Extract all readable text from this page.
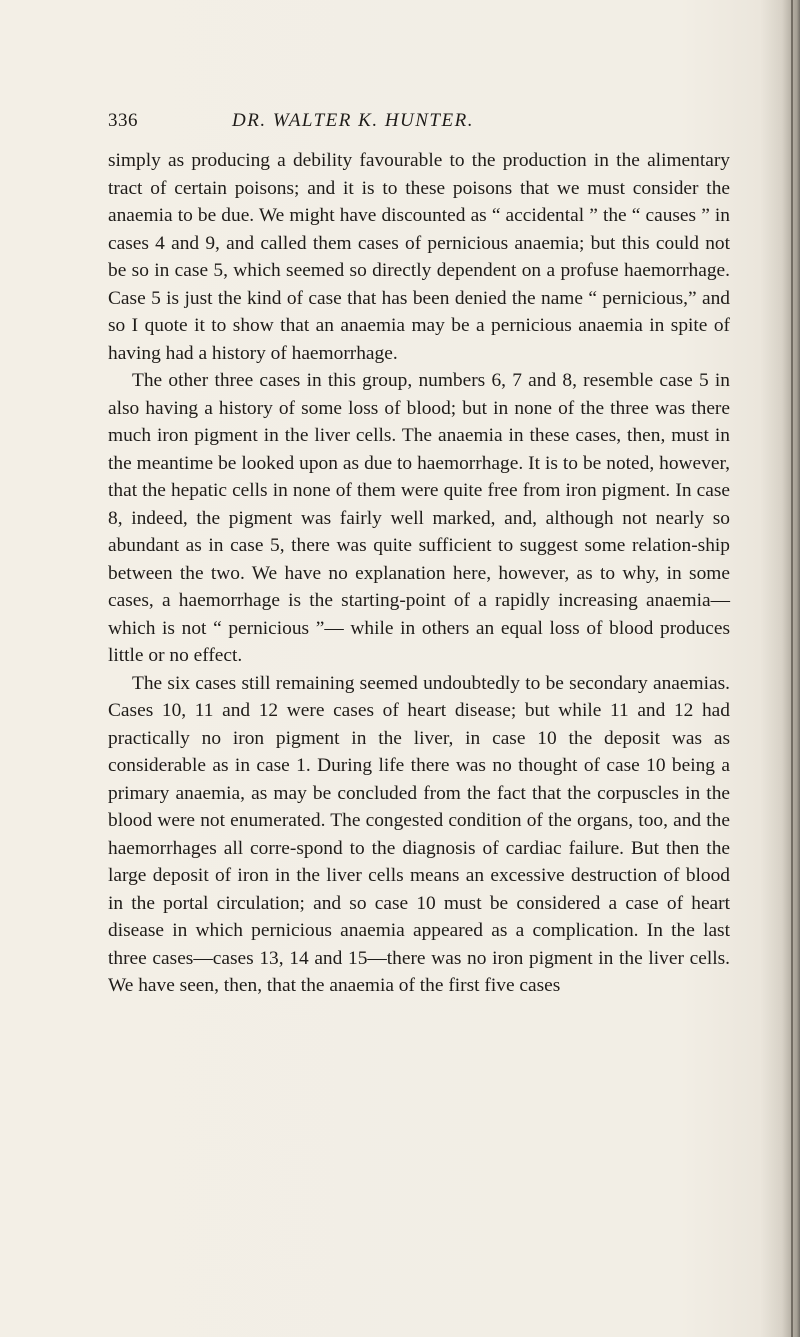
336	DR. WALTER K. HUNTER.

simply as producing a debility favourable to the production in the alimentary tract of certain poisons; and it is to these poisons that we must consider the anaemia to be due. We might have discounted as “ accidental ” the “ causes ” in cases 4 and 9, and called them cases of pernicious anaemia; but this could not be so in case 5, which seemed so directly dependent on a profuse haemorrhage. Case 5 is just the kind of case that has been denied the name “ pernicious,” and so I quote it to show that an anaemia may be a pernicious anaemia in spite of having had a history of haemorrhage.

The other three cases in this group, numbers 6, 7 and 8, resemble case 5 in also having a history of some loss of blood; but in none of the three was there much iron pigment in the liver cells. The anaemia in these cases, then, must in the meantime be looked upon as due to haemorrhage. It is to be noted, however, that the hepatic cells in none of them were quite free from iron pigment. In case 8, indeed, the pigment was fairly well marked, and, although not nearly so abundant as in case 5, there was quite sufficient to suggest some relation-ship between the two. We have no explanation here, however, as to why, in some cases, a haemorrhage is the starting-point of a rapidly increasing anaemia—which is not “ pernicious ”— while in others an equal loss of blood produces little or no effect.

The six cases still remaining seemed undoubtedly to be secondary anaemias. Cases 10, 11 and 12 were cases of heart disease; but while 11 and 12 had practically no iron pigment in the liver, in case 10 the deposit was as considerable as in case 1. During life there was no thought of case 10 being a primary anaemia, as may be concluded from the fact that the corpuscles in the blood were not enumerated. The congested condition of the organs, too, and the haemorrhages all corre-spond to the diagnosis of cardiac failure. But then the large deposit of iron in the liver cells means an excessive destruction of blood in the portal circulation; and so case 10 must be considered a case of heart disease in which pernicious anaemia appeared as a complication. In the last three cases—cases 13, 14 and 15—there was no iron pigment in the liver cells. We have seen, then, that the anaemia of the first five cases
